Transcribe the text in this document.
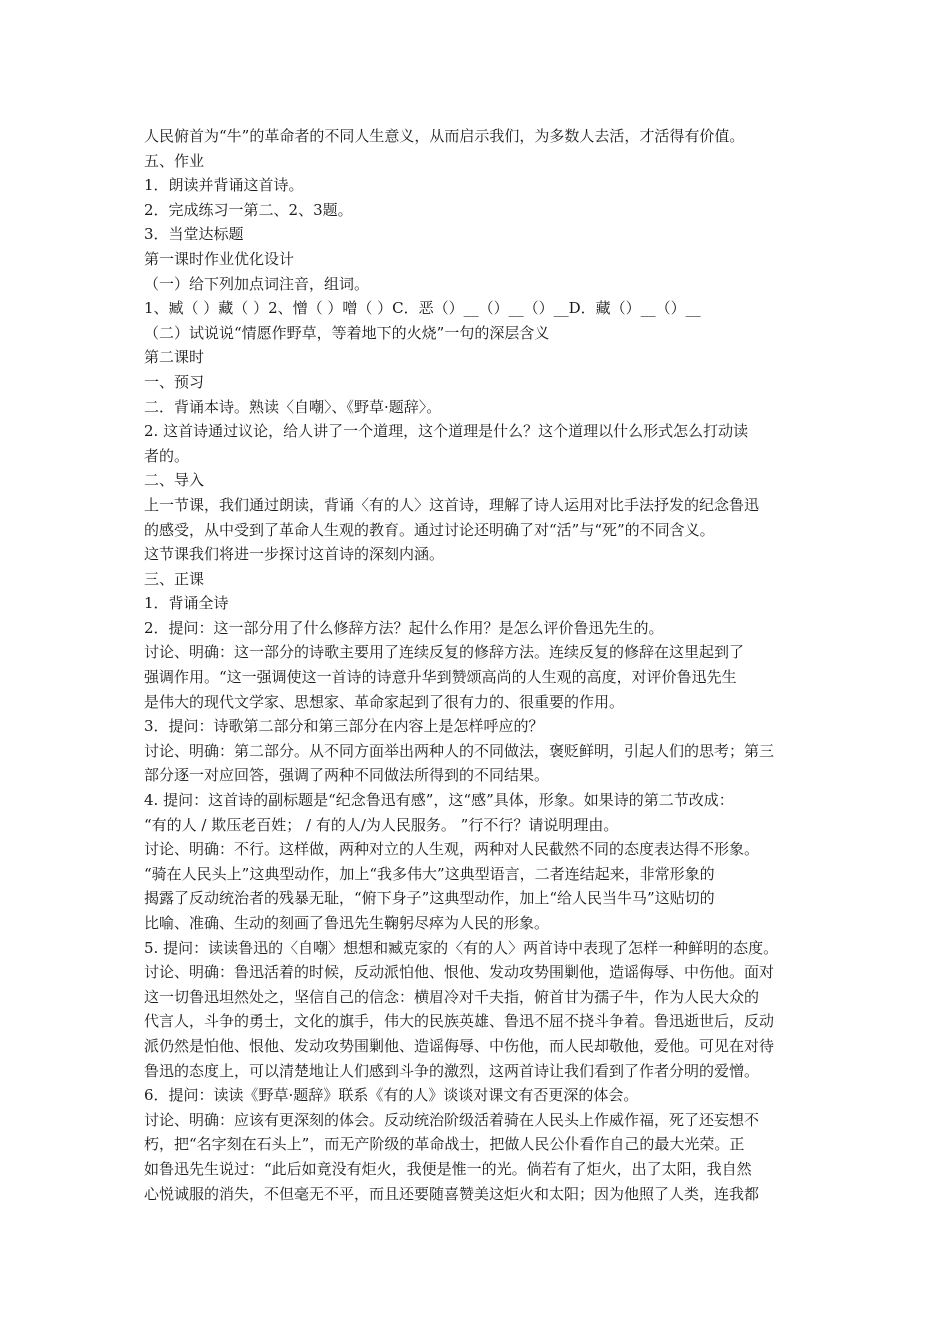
人民俯首为“牛”的革命者的不同人生意义，从而启示我们，为多数人去活，才活得有价值。
五、作业
1．朗读并背诵这首诗。
2．完成练习一第二、2、3题。
3．当堂达标题
第一课时作业优化设计
（一）给下列加点词注音，组词。
1、臧（ ）藏（ ）2、憎（ ）噌（ ）C．恶（）__（）__（）__D．藏（）__（）__
（二）试说说“情愿作野草，等着地下的火烧”一句的深层含义
第二课时
一、预习
二．背诵本诗。熟读〈自嘲〉、《野草·题辞〉。
2. 这首诗通过议论，给人讲了一个道理，这个道理是什么？这个道理以什么形式怎么打动读
者的。
二、导入
上一节课，我们通过朗读，背诵〈有的人〉这首诗，理解了诗人运用对比手法抒发的纪念鲁迅
的感受，从中受到了革命人生观的教育。通过讨论还明确了对“活”与“死”的不同含义。
这节课我们将进一步探讨这首诗的深刻内涵。
三、正课
1．背诵全诗
2．提问：这一部分用了什么修辞方法？起什么作用？是怎么评价鲁迅先生的。
讨论、明确：这一部分的诗歌主要用了连续反复的修辞方法。连续反复的修辞在这里起到了
强调作用。“这一强调使这一首诗的诗意升华到赞颂高尚的人生观的高度，对评价鲁迅先生
是伟大的现代文学家、思想家、革命家起到了很有力的、很重要的作用。
3．提问：诗歌第二部分和第三部分在内容上是怎样呼应的？
讨论、明确：第二部分。从不同方面举出两种人的不同做法，褒贬鲜明，引起人们的思考；第三
部分逐一对应回答，强调了两种不同做法所得到的不同结果。
4. 提问：这首诗的副标题是“纪念鲁迅有感”，这“感”具体，形象。如果诗的第二节改成：
“有的人 / 欺压老百姓； / 有的人/为人民服务。 ”行不行？请说明理由。
讨论、明确：不行。这样做，两种对立的人生观，两种对人民截然不同的态度表达得不形象。
“骑在人民头上”这典型动作，加上“我多伟大”这典型语言，二者连结起来，非常形象的
揭露了反动统治者的残暴无耻，“俯下身子”这典型动作，加上“给人民当牛马”这贴切的
比喻、准确、生动的刻画了鲁迅先生鞠躬尽瘁为人民的形象。
5. 提问：读读鲁迅的〈自嘲〉想想和臧克家的〈有的人〉两首诗中表现了怎样一种鲜明的态度。
讨论、明确：鲁迅活着的时候，反动派怕他、恨他、发动攻势围剿他，造谣侮辱、中伤他。面对
这一切鲁迅坦然处之，坚信自己的信念：横眉冷对千夫指，俯首甘为孺子牛，作为人民大众的
代言人，斗争的勇士，文化的旗手，伟大的民族英雄、鲁迅不屈不挠斗争着。鲁迅逝世后，反动
派仍然是怕他、恨他、发动攻势围剿他、造谣侮辱、中伤他，而人民却敬他，爱他。可见在对待
鲁迅的态度上，可以清楚地让人们感到斗争的激烈，这两首诗让我们看到了作者分明的爱憎。
6．提问：读读《野草·题辞》联系《有的人》谈谈对课文有否更深的体会。
讨论、明确：应该有更深刻的体会。反动统治阶级活着骑在人民头上作威作福，死了还妄想不
朽，把“名字刻在石头上”，而无产阶级的革命战士，把做人民公仆看作自己的最大光荣。正
如鲁迅先生说过：“此后如竟没有炬火，我便是惟一的光。倘若有了炬火，出了太阳，我自然
心悦诚服的消失，不但毫无不平，而且还要随喜赞美这炬火和太阳；因为他照了人类，连我都
